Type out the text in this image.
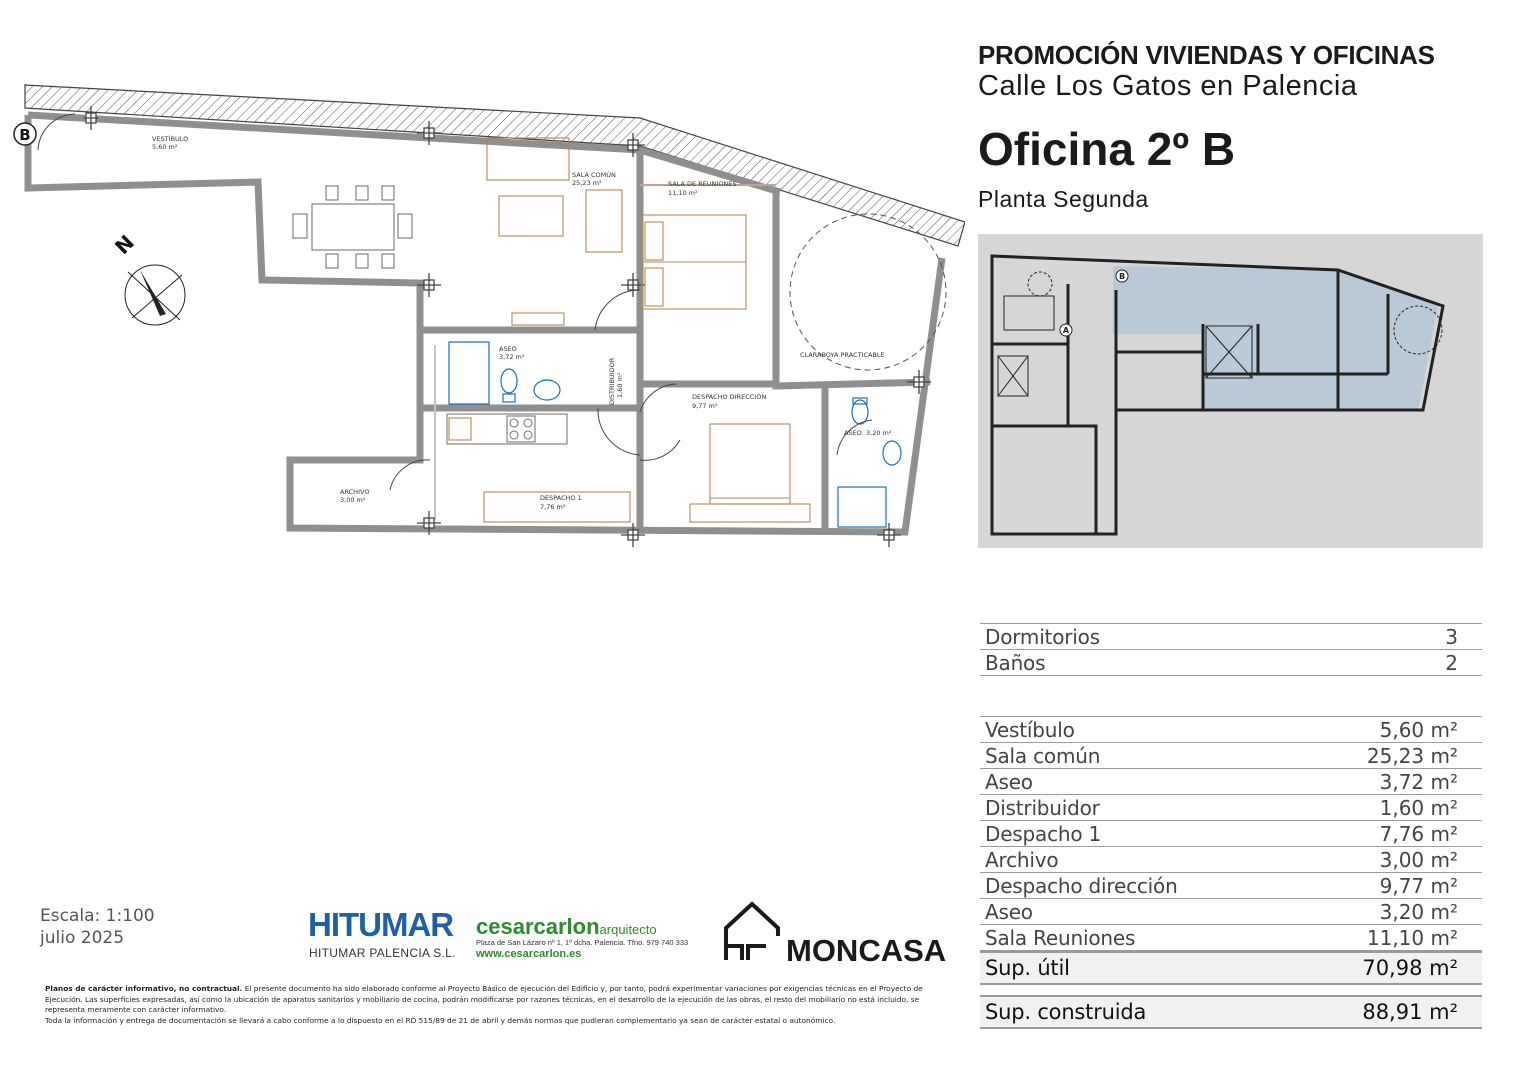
PROMOCIÓN VIVIENDAS Y OFICINAS
Calle Los Gatos en Palencia
Oficina 2º B
Planta Segunda
B
N
VESTÍBULO
5,60 m²
SALA COMÚN
25,23 m²	SALA DE REUNIONES
11,10 m²
ASEO
3,72 m²
DISTRIBUIDOR 1,60 m²	DESPACHO DIRECCIÓN
9,77 m²
ASEO 3,20 m²
ARCHIVO
3,00 m²	DESPACHO 1
7,76 m²
CLARABOYA PRACTICABLE
B
A
Dormitorios	3
Baños	2
Vestíbulo	5,60 m²
Sala común	25,23 m²
Aseo	3,72 m²
Distribuidor	1,60 m²
Despacho 1	7,76 m²
Archivo	3,00 m²
Despacho dirección	9,77 m²
Aseo	3,20 m²
Sala Reuniones	11,10 m²
Sup. útil	70,98 m²
Sup. construida	88,91 m²
Escala: 1:100
julio 2025	HITUMAR
HITUMAR PALENCIA S.L.
cesarcarlonarquitecto
Plaza de San Lázaro nº 1, 1º dcha. Palencia. Tfno. 979 740 333
www.cesarcarlon.es	MONCASA
Planos de carácter informativo, no contractual. El presente documento ha sido elaborado conforme al Proyecto Básico de ejecución del Edificio y, por tanto, podrá experimentar variaciones por exigencias técnicas en el Proyecto de Ejecución. Las superficies expresadas, así como la ubicación de aparatos sanitarios y mobiliario de cocina, podrán modificarse por razones técnicas, en el desarrollo de la ejecución de las obras, el resto del mobiliario no está incluido, se representa meramente con carácter informativo.
Toda la información y entrega de documentación se llevará a cabo conforme a lo dispuesto en el RD 515/89 de 21 de abril y demás normas que pudieran complementario ya sean de carácter estatal o autonómico.
